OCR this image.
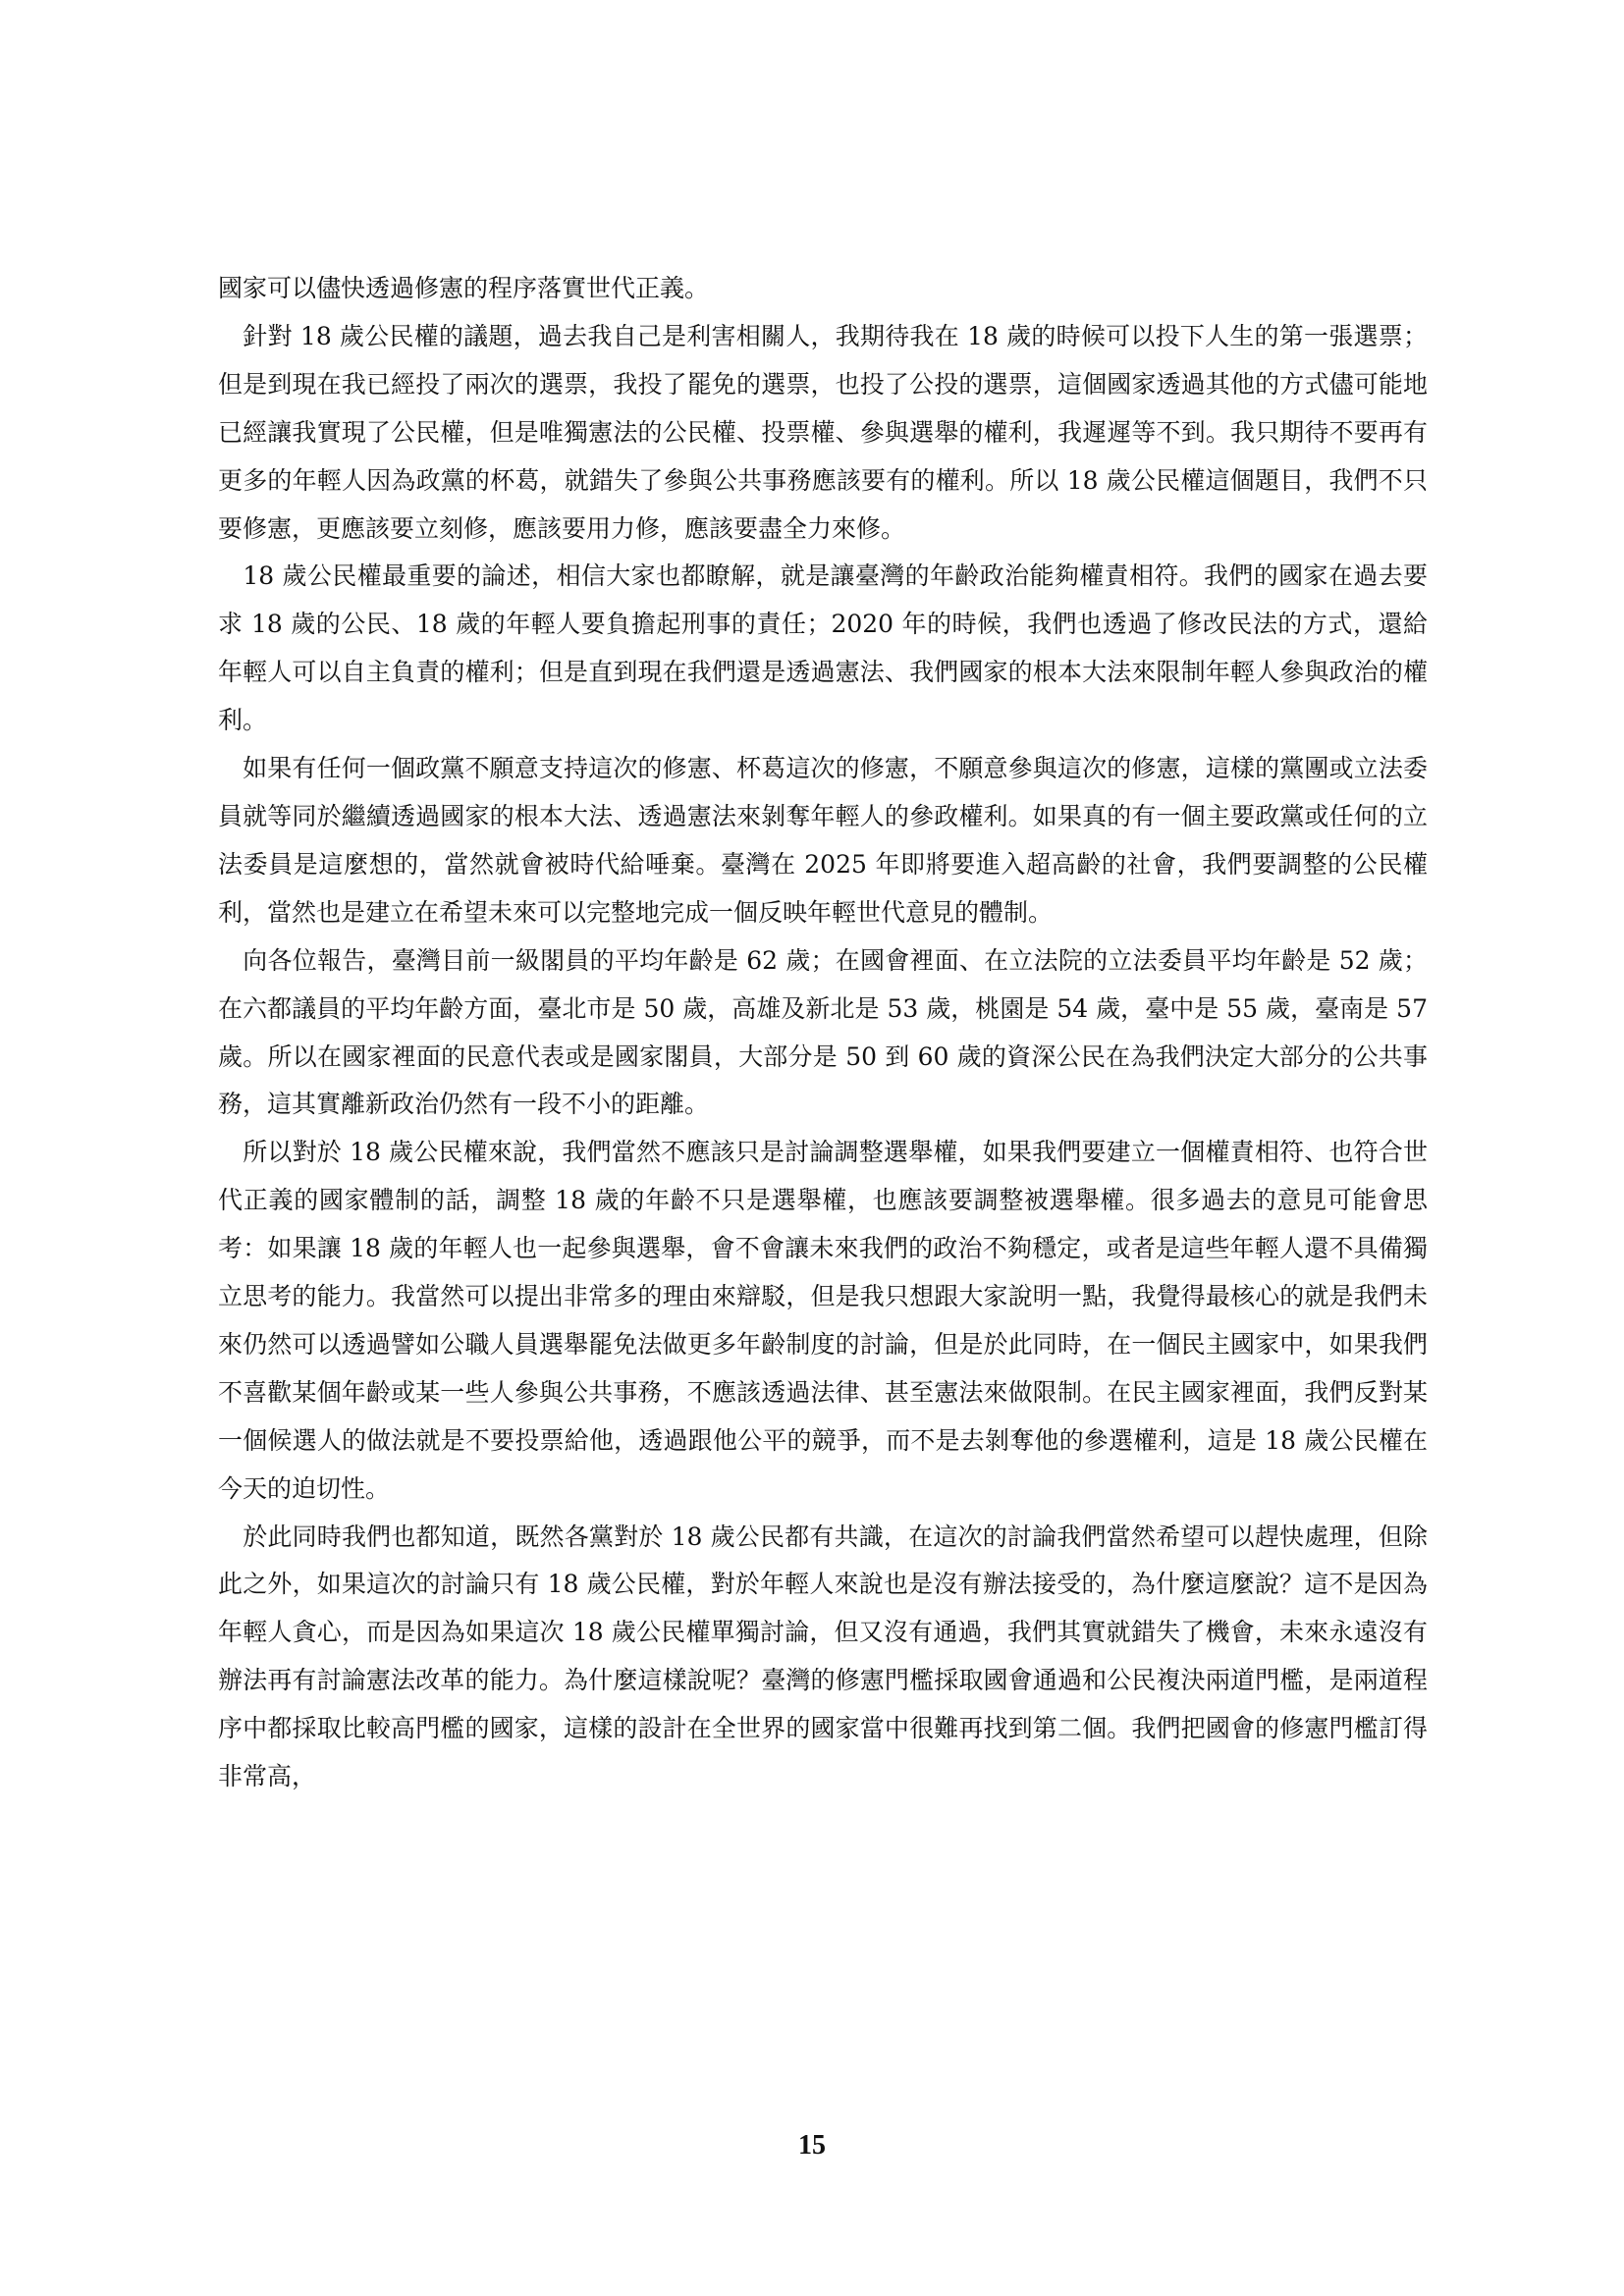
國家可以儘快透過修憲的程序落實世代正義。

　針對 18 歲公民權的議題，過去我自己是利害相關人，我期待我在 18 歲的時候可以投下人生的第一張選票；但是到現在我已經投了兩次的選票，我投了罷免的選票，也投了公投的選票，這個國家透過其他的方式儘可能地已經讓我實現了公民權，但是唯獨憲法的公民權、投票權、參與選舉的權利，我遲遲等不到。我只期待不要再有更多的年輕人因為政黨的杯葛，就錯失了參與公共事務應該要有的權利。所以 18 歲公民權這個題目，我們不只要修憲，更應該要立刻修，應該要用力修，應該要盡全力來修。

　18 歲公民權最重要的論述，相信大家也都瞭解，就是讓臺灣的年齡政治能夠權責相符。我們的國家在過去要求 18 歲的公民、18 歲的年輕人要負擔起刑事的責任；2020 年的時候，我們也透過了修改民法的方式，還給年輕人可以自主負責的權利；但是直到現在我們還是透過憲法、我們國家的根本大法來限制年輕人參與政治的權利。

　如果有任何一個政黨不願意支持這次的修憲、杯葛這次的修憲，不願意參與這次的修憲，這樣的黨團或立法委員就等同於繼續透過國家的根本大法、透過憲法來剝奪年輕人的參政權利。如果真的有一個主要政黨或任何的立法委員是這麼想的，當然就會被時代給唾棄。臺灣在 2025 年即將要進入超高齡的社會，我們要調整的公民權利，當然也是建立在希望未來可以完整地完成一個反映年輕世代意見的體制。

　向各位報告，臺灣目前一級閣員的平均年齡是 62 歲；在國會裡面、在立法院的立法委員平均年齡是 52 歲；在六都議員的平均年齡方面，臺北市是 50 歲，高雄及新北是 53 歲，桃園是 54 歲，臺中是 55 歲，臺南是 57 歲。所以在國家裡面的民意代表或是國家閣員，大部分是 50 到 60 歲的資深公民在為我們決定大部分的公共事務，這其實離新政治仍然有一段不小的距離。

　所以對於 18 歲公民權來說，我們當然不應該只是討論調整選舉權，如果我們要建立一個權責相符、也符合世代正義的國家體制的話，調整 18 歲的年齡不只是選舉權，也應該要調整被選舉權。很多過去的意見可能會思考：如果讓 18 歲的年輕人也一起參與選舉，會不會讓未來我們的政治不夠穩定，或者是這些年輕人還不具備獨立思考的能力。我當然可以提出非常多的理由來辯駁，但是我只想跟大家說明一點，我覺得最核心的就是我們未來仍然可以透過譬如公職人員選舉罷免法做更多年齡制度的討論，但是於此同時，在一個民主國家中，如果我們不喜歡某個年齡或某一些人參與公共事務，不應該透過法律、甚至憲法來做限制。在民主國家裡面，我們反對某一個候選人的做法就是不要投票給他，透過跟他公平的競爭，而不是去剝奪他的參選權利，這是 18 歲公民權在今天的迫切性。

　於此同時我們也都知道，既然各黨對於 18 歲公民都有共識，在這次的討論我們當然希望可以趕快處理，但除此之外，如果這次的討論只有 18 歲公民權，對於年輕人來說也是沒有辦法接受的，為什麼這麼說？這不是因為年輕人貪心，而是因為如果這次 18 歲公民權單獨討論，但又沒有通過，我們其實就錯失了機會，未來永遠沒有辦法再有討論憲法改革的能力。為什麼這樣說呢？臺灣的修憲門檻採取國會通過和公民複決兩道門檻，是兩道程序中都採取比較高門檻的國家，這樣的設計在全世界的國家當中很難再找到第二個。我們把國會的修憲門檻訂得非常高，

15
